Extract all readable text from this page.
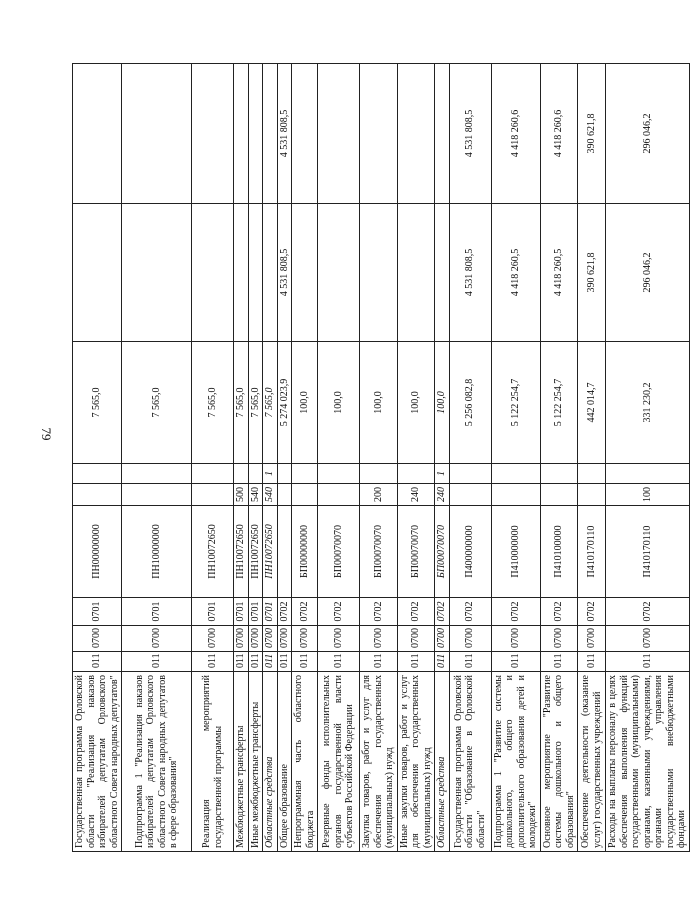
79
Государственная программа Орловской области "Реализация наказов избирателей депутатам Орловского областного Совета народных депутатов"	011	0700	0701	ПН00000000			7 565,0		
Подпрограмма 1 "Реализация наказов избирателей депутатам Орловского областного Совета народных депутатов в сфере образования"	011	0700	0701	ПН10000000			7 565,0		
Реализация мероприятий государственной программы	011	0700	0701	ПН10072650			7 565,0		
Межбюджетные трансферты	011	0700	0701	ПН10072650	500		7 565,0		
Иные межбюджетные трансферты	011	0700	0701	ПН10072650	540		7 565,0		
Областные средства	011	0700	0701	ПН10072650	540	1	7 565,0		
Общее образование	011	0700	0702				5 274 023,9	4 531 808,5	4 531 808,5
Непрограммная часть областного бюджета	011	0700	0702	БП00000000			100,0		
Резервные фонды исполнительных органов государственной власти субъектов Российской Федерации	011	0700	0702	БП00070070			100,0		
Закупка товаров, работ и услуг для обеспечения государственных (муниципальных) нужд	011	0700	0702	БП00070070	200		100,0		
Иные закупки товаров, работ и услуг для обеспечения государственных (муниципальных) нужд	011	0700	0702	БП00070070	240		100,0		
Областные средства	011	0700	0702	БП00070070	240	1	100,0		
Государственная программа Орловской области "Образование в Орловской области"	011	0700	0702	П400000000			5 256 082,8	4 531 808,5	4 531 808,5
Подпрограмма 1 "Развитие системы дошкольного, общего и дополнительного образования детей и молодежи"	011	0700	0702	П410000000			5 122 254,7	4 418 260,5	4 418 260,6
Основное мероприятие "Развитие системы дошкольного и общего образования"	011	0700	0702	П410100000			5 122 254,7	4 418 260,5	4 418 260,6
Обеспечение деятельности (оказание услуг) государственных учреждений	011	0700	0702	П410170110			442 014,7	390 621,8	390 621,8
Расходы на выплаты персоналу в целях обеспечения выполнения функций государственными (муниципальными) органами, казенными учреждениями, органами управления государственными внебюджетными фондами	011	0700	0702	П410170110	100		331 230,2	296 046,2	296 046,2
